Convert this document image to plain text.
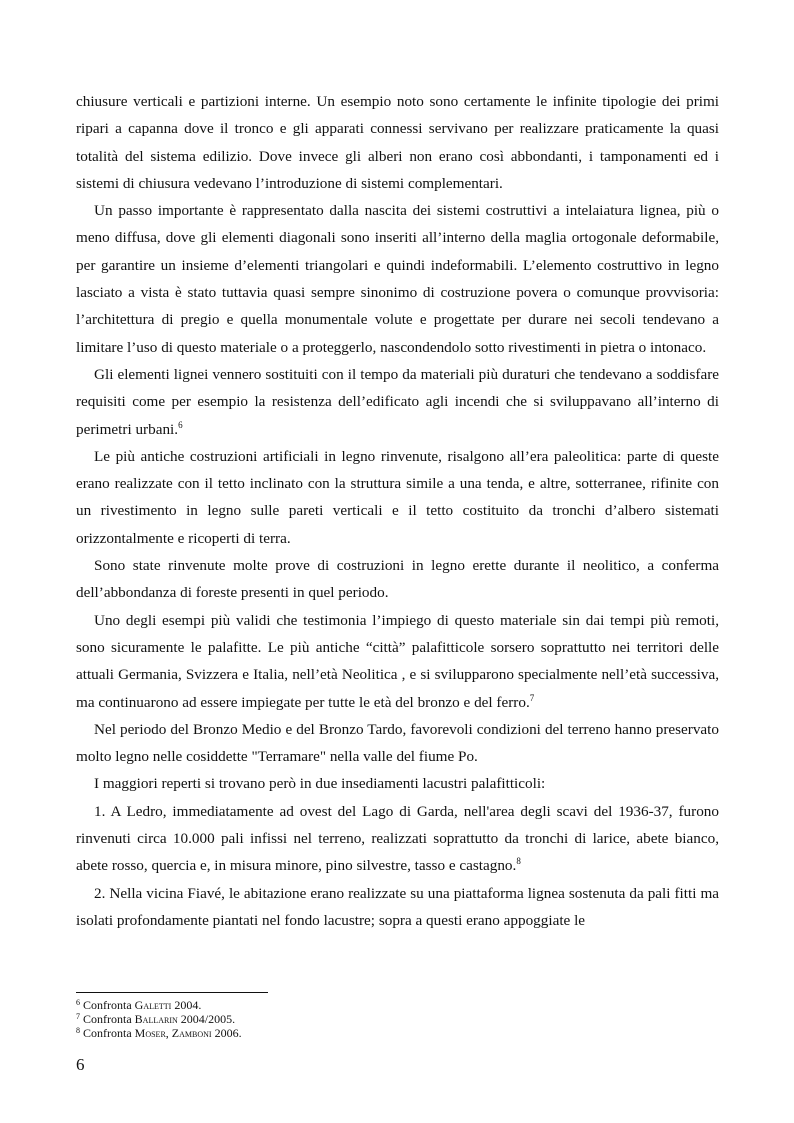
chiusure verticali e partizioni interne. Un esempio noto sono certamente le infinite tipologie dei primi ripari a capanna dove il tronco e gli apparati connessi servivano per realizzare praticamente la quasi totalità del sistema edilizio. Dove invece gli alberi non erano così abbondanti, i tamponamenti ed i sistemi di chiusura vedevano l’introduzione di sistemi complementari.

Un passo importante è rappresentato dalla nascita dei sistemi costruttivi a intelaiatura lignea, più o meno diffusa, dove gli elementi diagonali sono inseriti all’interno della maglia ortogonale deformabile, per garantire un insieme d’elementi triangolari e quindi indeformabili. L’elemento costruttivo in legno lasciato a vista è stato tuttavia quasi sempre sinonimo di costruzione povera o comunque provvisoria: l’architettura di pregio e quella monumentale volute e progettate per durare nei secoli tendevano a limitare l’uso di questo materiale o a proteggerlo, nascondendolo sotto rivestimenti in pietra o intonaco.

Gli elementi lignei vennero sostituiti con il tempo da materiali più duraturi che tendevano a soddisfare requisiti come per esempio la resistenza dell’edificato agli incendi che si sviluppavano all’interno di perimetri urbani.$^6$

Le più antiche costruzioni artificiali in legno rinvenute, risalgono all’era paleolitica: parte di queste erano realizzate con il tetto inclinato con la struttura simile a una tenda, e altre, sotterranee, rifinite con un rivestimento in legno sulle pareti verticali e il tetto costituito da tronchi d’albero sistemati orizzontalmente e ricoperti di terra.

Sono state rinvenute molte prove di costruzioni in legno erette durante il neolitico, a conferma dell’abbondanza di foreste presenti in quel periodo.

Uno degli esempi più validi che testimonia l’impiego di questo materiale sin dai tempi più remoti, sono sicuramente le palafitte. Le più antiche “città” palafitticole sorsero soprattutto nei territori delle attuali Germania, Svizzera e Italia, nell’età Neolitica , e si svilupparono specialmente nell’età successiva, ma continuarono ad essere impiegate per tutte le età del bronzo e del ferro.$^7$

Nel periodo del Bronzo Medio e del Bronzo Tardo, favorevoli condizioni del terreno hanno preservato molto legno nelle cosiddette "Terramare" nella valle del fiume Po.

I maggiori reperti si trovano però in due insediamenti lacustri palafitticoli:

1. A Ledro, immediatamente ad ovest del Lago di Garda, nell'area degli scavi del 1936-37, furono rinvenuti circa 10.000 pali infissi nel terreno, realizzati soprattutto da tronchi di larice, abete bianco, abete rosso, quercia e, in misura minore, pino silvestre, tasso e castagno.$^8$

2. Nella vicina Fiavé, le abitazione erano realizzate su una piattaforma lignea sostenuta da pali fitti ma isolati profondamente piantati nel fondo lacustre; sopra a questi erano appoggiate le

$^6$ Confronta Galetti 2004.

$^7$ Confronta Ballarin 2004/2005.

$^8$ Confronta Moser, Zamboni 2006.

6
